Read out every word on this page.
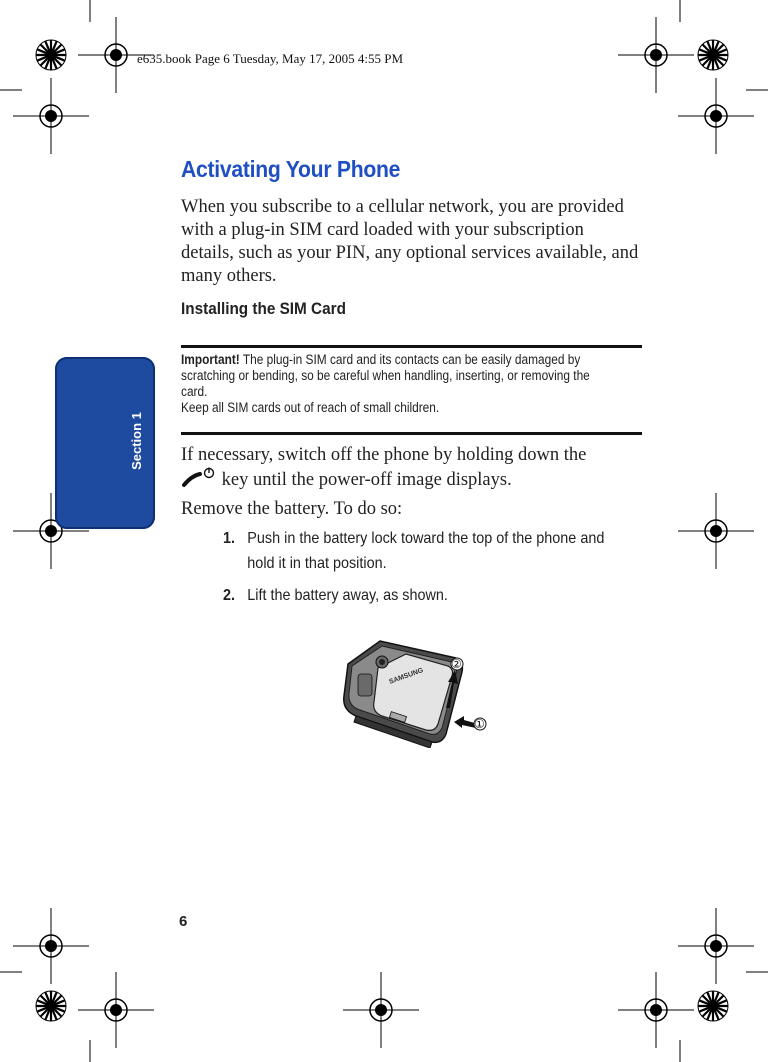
e635.book Page 6 Tuesday, May 17, 2005 4:55 PM
Section 1
Activating Your Phone
When you subscribe to a cellular network, you are provided with a plug-in SIM card loaded with your subscription details, such as your PIN, any optional services available, and many others.
Installing the SIM Card
Important! The plug-in SIM card and its contacts can be easily damaged by scratching or bending, so be careful when handling, inserting, or removing the card.
Keep all SIM cards out of reach of small children.
If necessary, switch off the phone by holding down the
key until the power-off image displays.
Remove the battery. To do so:
1. Push in the battery lock toward the top of the phone and hold it in that position.
2. Lift the battery away, as shown.
SAMSUNG
②
①
6
